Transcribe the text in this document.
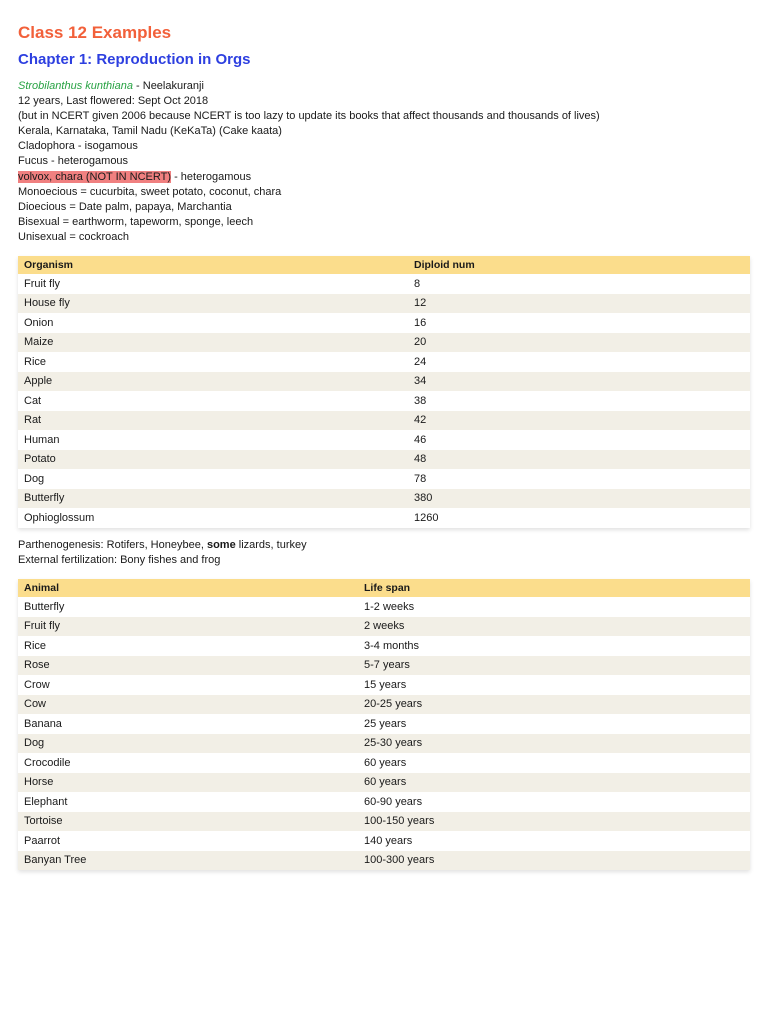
Class 12 Examples
Chapter 1: Reproduction in Orgs
Strobilanthus kunthiana - Neelakuranji
12 years, Last flowered: Sept Oct 2018
(but in NCERT given 2006 because NCERT is too lazy to update its books that affect thousands and thousands of lives)
Kerala, Karnataka, Tamil Nadu (KeKaTa) (Cake kaata)
Cladophora - isogamous
Fucus - heterogamous
volvox, chara (NOT IN NCERT) - heterogamous
Monoecious = cucurbita, sweet potato, coconut, chara
Dioecious = Date palm, papaya, Marchantia
Bisexual = earthworm, tapeworm, sponge, leech
Unisexual = cockroach
Organism	Diploid num
Fruit fly	8
House fly	12
Onion	16
Maize	20
Rice	24
Apple	34
Cat	38
Rat	42
Human	46
Potato	48
Dog	78
Butterfly	380
Ophioglossum	1260
Parthenogenesis: Rotifers, Honeybee, some lizards, turkey
External fertilization: Bony fishes and frog
Animal	Life span
Butterfly	1-2 weeks
Fruit fly	2 weeks
Rice	3-4 months
Rose	5-7 years
Crow	15 years
Cow	20-25 years
Banana	25 years
Dog	25-30 years
Crocodile	60 years
Horse	60 years
Elephant	60-90 years
Tortoise	100-150 years
Paarrot	140 years
Banyan Tree	100-300 years
